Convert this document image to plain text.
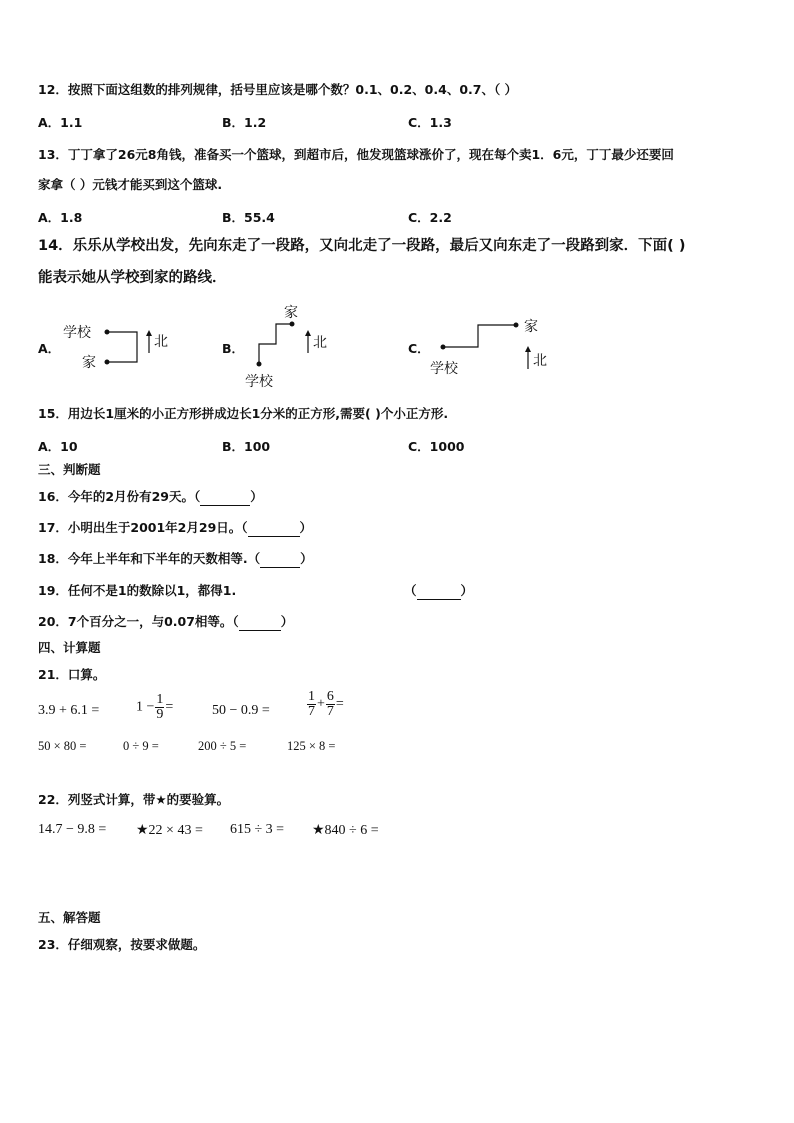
12．按照下面这组数的排列规律，括号里应该是哪个数？0.1、0.2、0.4、0.7、（ ）
A．1.1	B．1.2	C．1.3
13．丁丁拿了26元8角钱，准备买一个篮球，到超市后，他发现篮球涨价了，现在每个卖1．6元，丁丁最少还要回
家拿（ ）元钱才能买到这个篮球.
A．1.8	B．55.4	C．2.2
14．乐乐从学校出发，先向东走了一段路，又向北走了一段路，最后又向东走了一段路到家．下面( )
能表示她从学校到家的路线．
A．
学校
家
北	B．
家
学校
北	C．
家
学校	北
15．用边长1厘米的小正方形拼成边长1分米的正方形,需要( )个小正方形.
A．10	B．100	C．1000
三、判断题
16．今年的2月份有29天。（	）
17．小明出生于2001年2月29日。（	）
18．今年上半年和下半年的天数相等.（	）
19．任何不是1的数除以1，都得1.	（	）
20．7个百分之一，与0.07相等。（	）
四、计算题
21．口算。
3.9 + 6.1 =	$1 - \frac{1}{9}$ =	50 − 0.9 =	$\frac{1}{7} + \frac{6}{7}$ =
50 × 80 =	0 ÷ 9 =	200 ÷ 5 =	125 × 8 =
22．列竖式计算，带★的要验算。
14.7 − 9.8 = ★22 × 43 = 615 ÷ 3 = ★840 ÷ 6 =
五、解答题
23．仔细观察，按要求做题。
